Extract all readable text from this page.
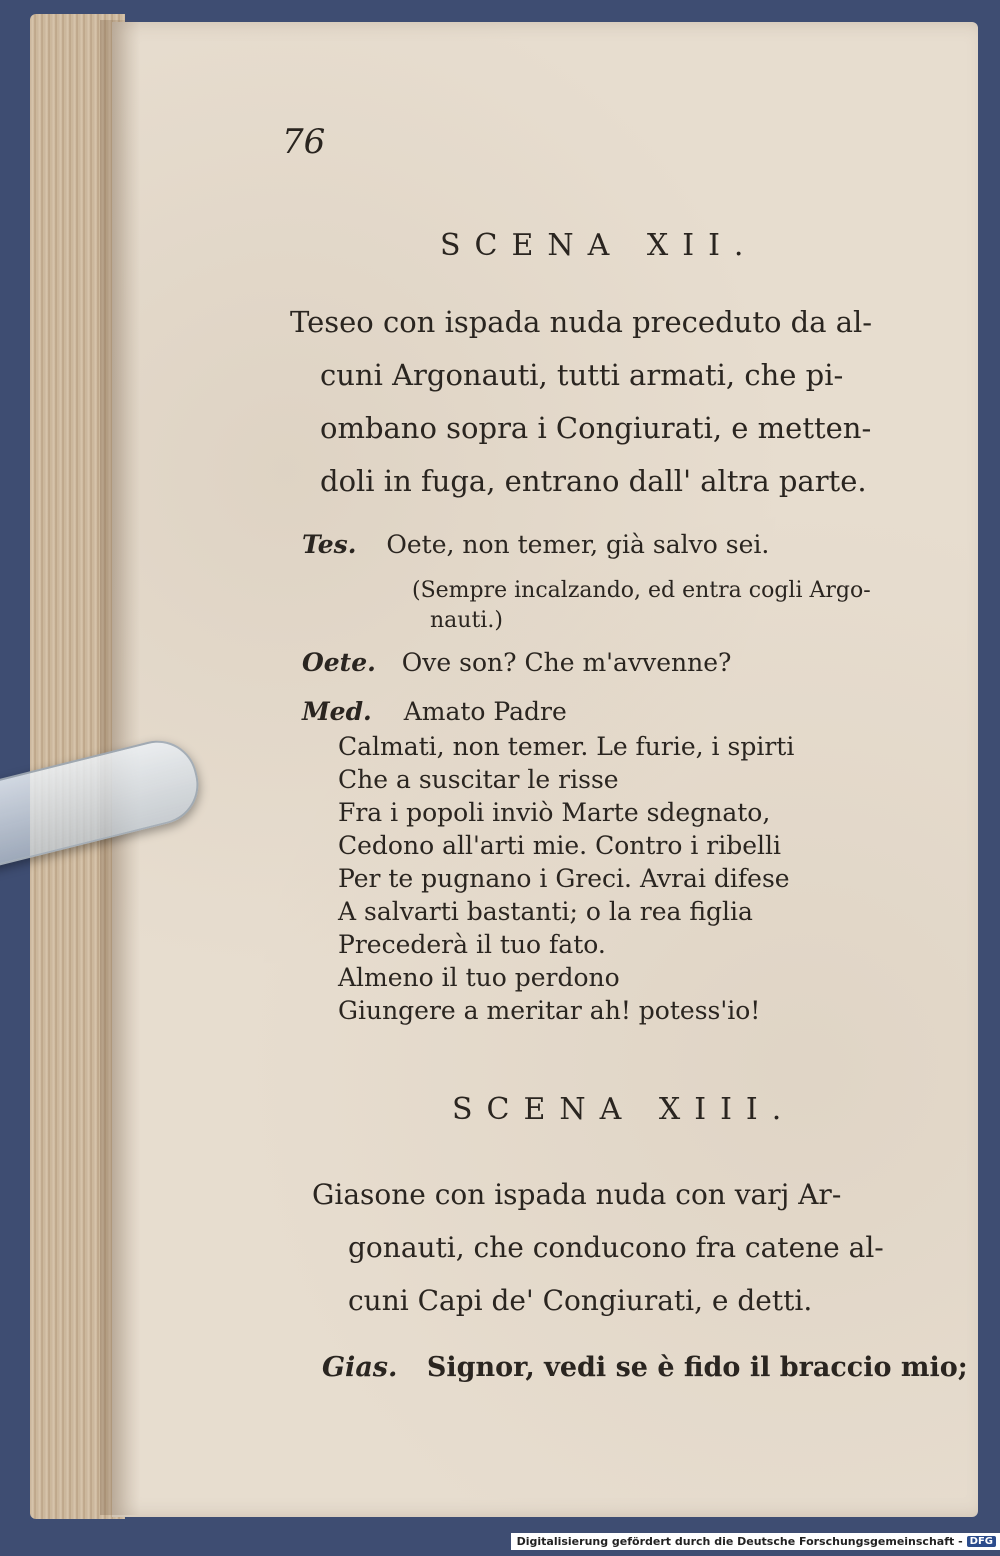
76
SCENA XII.
Teseo con ispada nuda preceduto da al-
cuni Argonauti, tutti armati, che pi-
ombano sopra i Congiurati, e metten-
doli in fuga, entrano dall' altra parte.
Tes. Oete, non temer, già salvo sei.
(Sempre incalzando, ed entra cogli Argo-
nauti.)
Oete. Ove son? Che m'avvenne?
Med. Amato Padre
Calmati, non temer. Le furie, i spirti
Che a suscitar le risse
Fra i popoli inviò Marte sdegnato,
Cedono all'arti mie. Contro i ribelli
Per te pugnano i Greci. Avrai difese
A salvarti bastanti; o la rea figlia
Precederà il tuo fato.
Almeno il tuo perdono
Giungere a meritar ah! potess'io!
SCENA XIII.
Giasone con ispada nuda con varj Ar-
gonauti, che conducono fra catene al-
cuni Capi de' Congiurati, e detti.
Gias. Signor, vedi se è fido il braccio mio;
Digitalisierung gefördert durch die Deutsche Forschungsgemeinschaft - DFG
